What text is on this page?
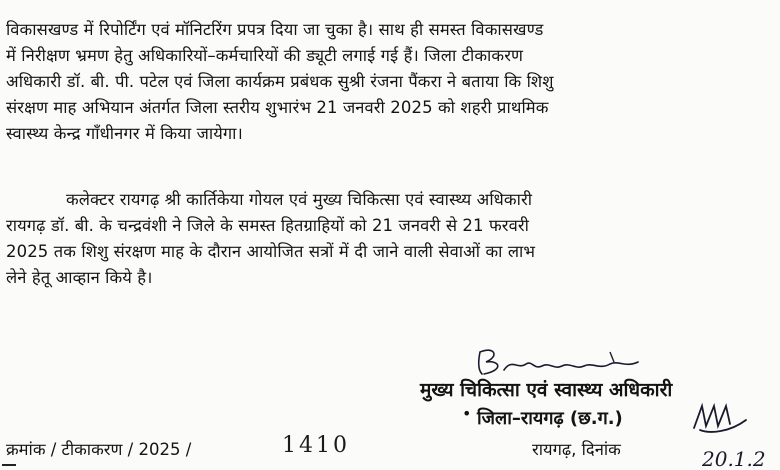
विकासखण्ड में रिपोर्टिंग एवं मॉनिटरिंग प्रपत्र दिया जा चुका है। साथ ही समस्त विकासखण्ड
में निरीक्षण भ्रमण हेतु अधिकारियों–कर्मचारियों की ड्यूटी लगाई गई हैं। जिला टीकाकरण
अधिकारी डॉ. बी. पी. पटेल एवं जिला कार्यक्रम प्रबंधक सुश्री रंजना पैंकरा ने बताया कि शिशु
संरक्षण माह अभियान अंतर्गत जिला स्तरीय शुभारंभ 21 जनवरी 2025 को शहरी प्राथमिक
स्वास्थ्य केन्द्र गाँधीनगर में किया जायेगा।
कलेक्टर रायगढ़ श्री कार्तिकेया गोयल एवं मुख्य चिकित्सा एवं स्वास्थ्य अधिकारी
रायगढ़ डॉ. बी. के चन्द्रवंशी ने जिले के समस्त हितग्राहियों को 21 जनवरी से 21 फरवरी
2025 तक शिशु संरक्षण माह के दौरान आयोजित सत्रों में दी जाने वाली सेवाओं का लाभ
लेने हेतू आव्हान किये है।
मुख्य चिकित्सा एवं स्वास्थ्य अधिकारी
• जिला–रायगढ़ (छ.ग.)
क्रमांक / टीकाकरण / 2025 /	1410	रायगढ़, दिनांक	20.1.2
